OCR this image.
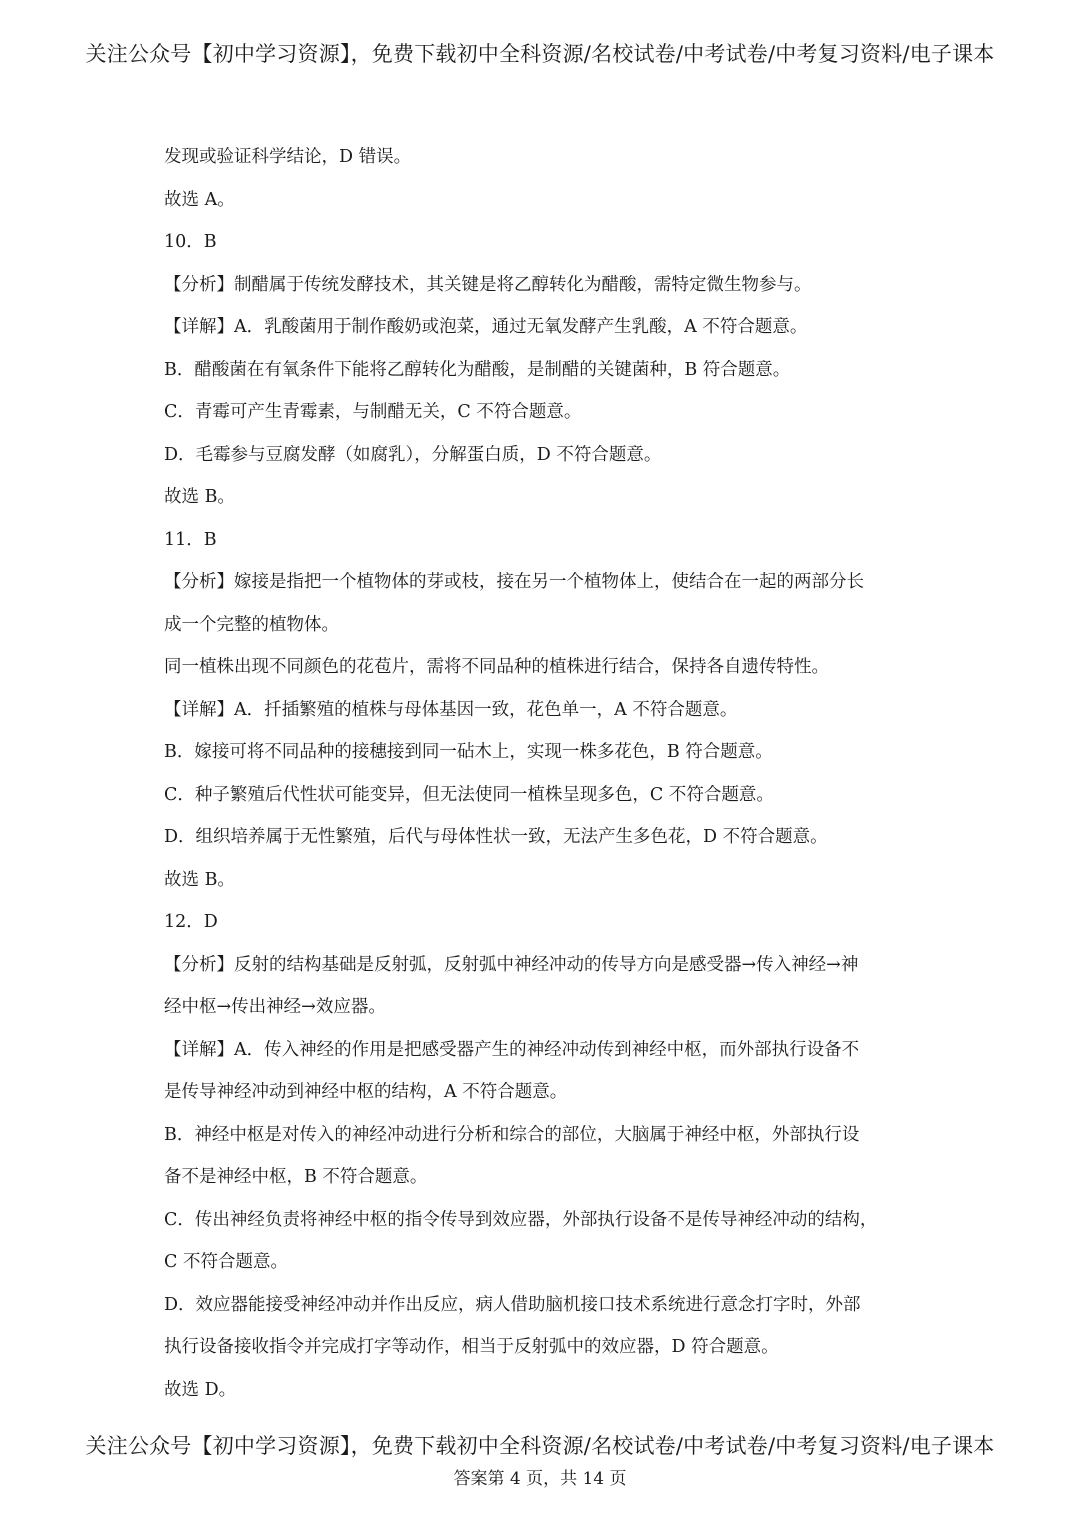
关注公众号【初中学习资源】，免费下载初中全科资源/名校试卷/中考试卷/中考复习资料/电子课本
发现或验证科学结论，D 错误。
故选 A。
10．B
【分析】制醋属于传统发酵技术，其关键是将乙醇转化为醋酸，需特定微生物参与。
【详解】A．乳酸菌用于制作酸奶或泡菜，通过无氧发酵产生乳酸，A 不符合题意。
B．醋酸菌在有氧条件下能将乙醇转化为醋酸，是制醋的关键菌种，B 符合题意。
C．青霉可产生青霉素，与制醋无关，C 不符合题意。
D．毛霉参与豆腐发酵（如腐乳），分解蛋白质，D 不符合题意。
故选 B。
11．B
【分析】嫁接是指把一个植物体的芽或枝，接在另一个植物体上，使结合在一起的两部分长
成一个完整的植物体。
同一植株出现不同颜色的花苞片，需将不同品种的植株进行结合，保持各自遗传特性。
【详解】A．扦插繁殖的植株与母体基因一致，花色单一，A 不符合题意。
B．嫁接可将不同品种的接穗接到同一砧木上，实现一株多花色，B 符合题意。
C．种子繁殖后代性状可能变异，但无法使同一植株呈现多色，C 不符合题意。
D．组织培养属于无性繁殖，后代与母体性状一致，无法产生多色花，D 不符合题意。
故选 B。
12．D
【分析】反射的结构基础是反射弧，反射弧中神经冲动的传导方向是感受器→传入神经→神
经中枢→传出神经→效应器。
【详解】A．传入神经的作用是把感受器产生的神经冲动传到神经中枢，而外部执行设备不
是传导神经冲动到神经中枢的结构，A 不符合题意。
B．神经中枢是对传入的神经冲动进行分析和综合的部位，大脑属于神经中枢，外部执行设
备不是神经中枢，B 不符合题意。
C．传出神经负责将神经中枢的指令传导到效应器，外部执行设备不是传导神经冲动的结构，
C 不符合题意。
D．效应器能接受神经冲动并作出反应，病人借助脑机接口技术系统进行意念打字时，外部
执行设备接收指令并完成打字等动作，相当于反射弧中的效应器，D 符合题意。
故选 D。
关注公众号【初中学习资源】，免费下载初中全科资源/名校试卷/中考试卷/中考复习资料/电子课本
答案第 4 页，共 14 页
